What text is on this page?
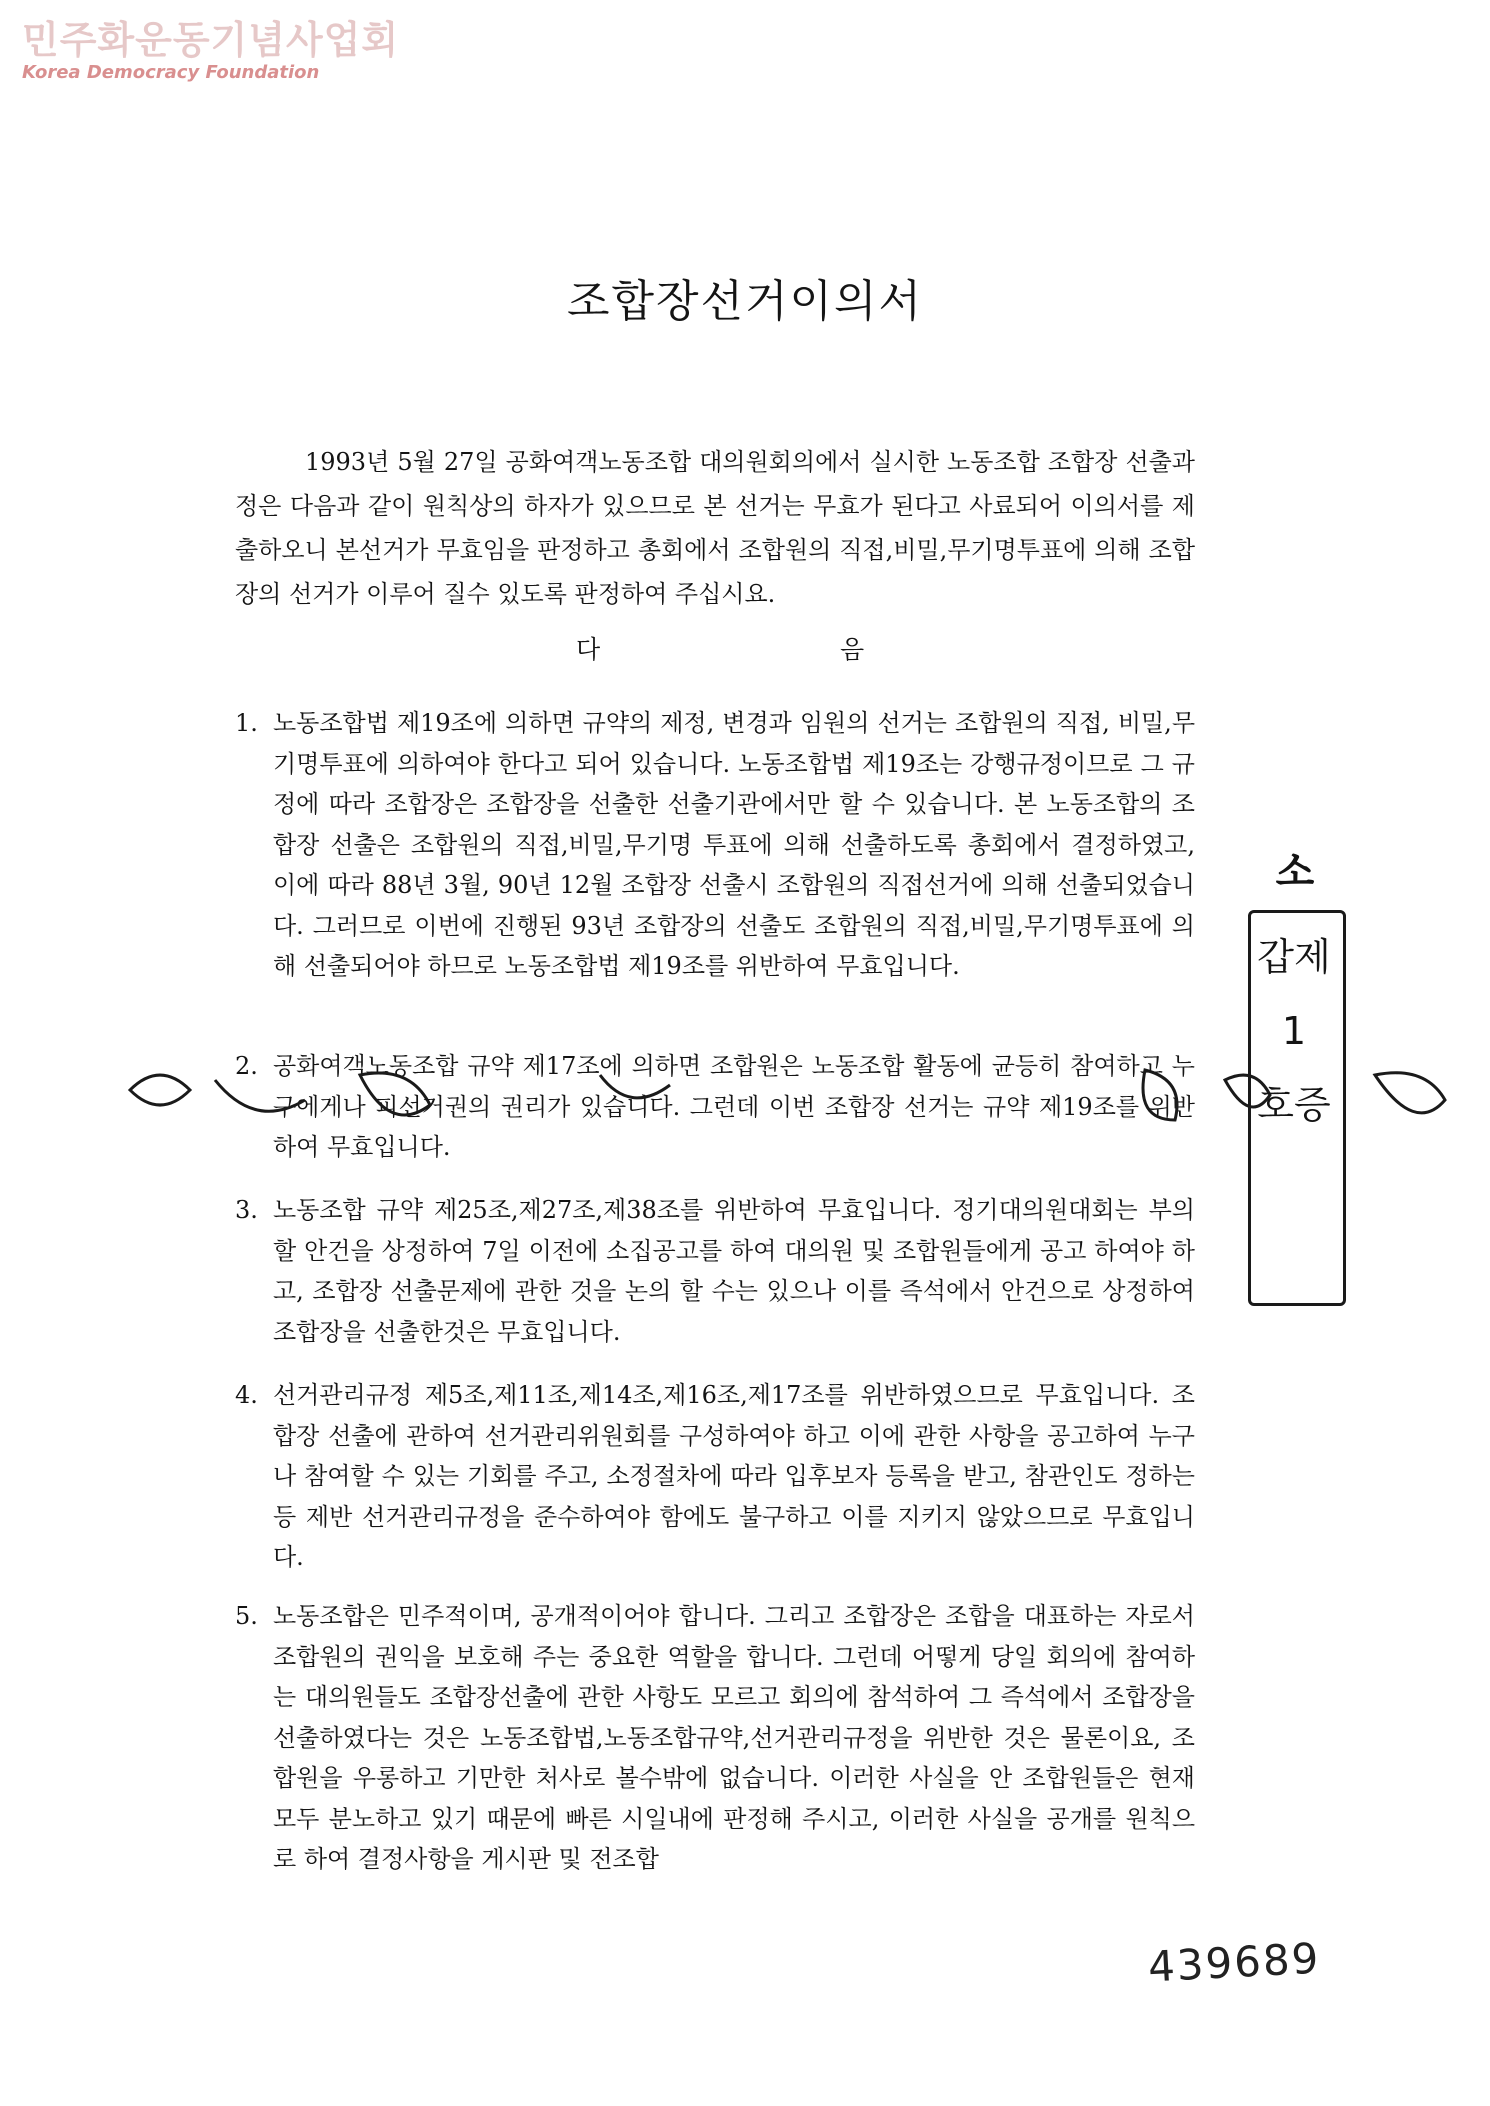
민주화운동기념사업회
Korea Democracy Foundation
조합장선거이의서
1993년 5월 27일 공화여객노동조합 대의원회의에서 실시한 노동조합 조합장 선출과정은 다음과 같이 원칙상의 하자가 있으므로 본 선거는 무효가 된다고 사료되어 이의서를 제출하오니 본선거가 무효임을 판정하고 총회에서 조합원의 직접,비밀,무기명투표에 의해 조합장의 선거가 이루어 질수 있도록 판정하여 주십시요.
다	음
1. 노동조합법 제19조에 의하면 규약의 제정, 변경과 임원의 선거는 조합원의 직접, 비밀,무기명투표에 의하여야 한다고 되어 있습니다. 노동조합법 제19조는 강행규정이므로 그 규정에 따라 조합장은 조합장을 선출한 선출기관에서만 할 수 있습니다. 본 노동조합의 조합장 선출은 조합원의 직접,비밀,무기명 투표에 의해 선출하도록 총회에서 결정하였고, 이에 따라 88년 3월, 90년 12월 조합장 선출시 조합원의 직접선거에 의해 선출되었습니다. 그러므로 이번에 진행된 93년 조합장의 선출도 조합원의 직접,비밀,무기명투표에 의해 선출되어야 하므로 노동조합법 제19조를 위반하여 무효입니다.
2. 공화여객노동조합 규약 제17조에 의하면 조합원은 노동조합 활동에 균등히 참여하고 누구에게나 피선거권의 권리가 있습니다. 그런데 이번 조합장 선거는 규약 제19조를 위반하여 무효입니다.
3. 노동조합 규약 제25조,제27조,제38조를 위반하여 무효입니다. 정기대의원대회는 부의할 안건을 상정하여 7일 이전에 소집공고를 하여 대의원 및 조합원들에게 공고 하여야 하고, 조합장 선출문제에 관한 것을 논의 할 수는 있으나 이를 즉석에서 안건으로 상정하여 조합장을 선출한것은 무효입니다.
4. 선거관리규정 제5조,제11조,제14조,제16조,제17조를 위반하였으므로 무효입니다. 조합장 선출에 관하여 선거관리위원회를 구성하여야 하고 이에 관한 사항을 공고하여 누구나 참여할 수 있는 기회를 주고, 소정절차에 따라 입후보자 등록을 받고, 참관인도 정하는 등 제반 선거관리규정을 준수하여야 함에도 불구하고 이를 지키지 않았으므로 무효입니다.
5. 노동조합은 민주적이며, 공개적이어야 합니다. 그리고 조합장은 조합을 대표하는 자로서 조합원의 권익을 보호해 주는 중요한 역할을 합니다. 그런데 어떻게 당일 회의에 참여하는 대의원들도 조합장선출에 관한 사항도 모르고 회의에 참석하여 그 즉석에서 조합장을 선출하였다는 것은 노동조합법,노동조합규약,선거관리규정을 위반한 것은 물론이요, 조합원을 우롱하고 기만한 처사로 볼수밖에 없습니다. 이러한 사실을 안 조합원들은 현재 모두 분노하고 있기 때문에 빠른 시일내에 판정해 주시고, 이러한 사실을 공개를 원칙으로 하여 결정사항을 게시판 및 전조합
소
갑제
1
호증
439689
